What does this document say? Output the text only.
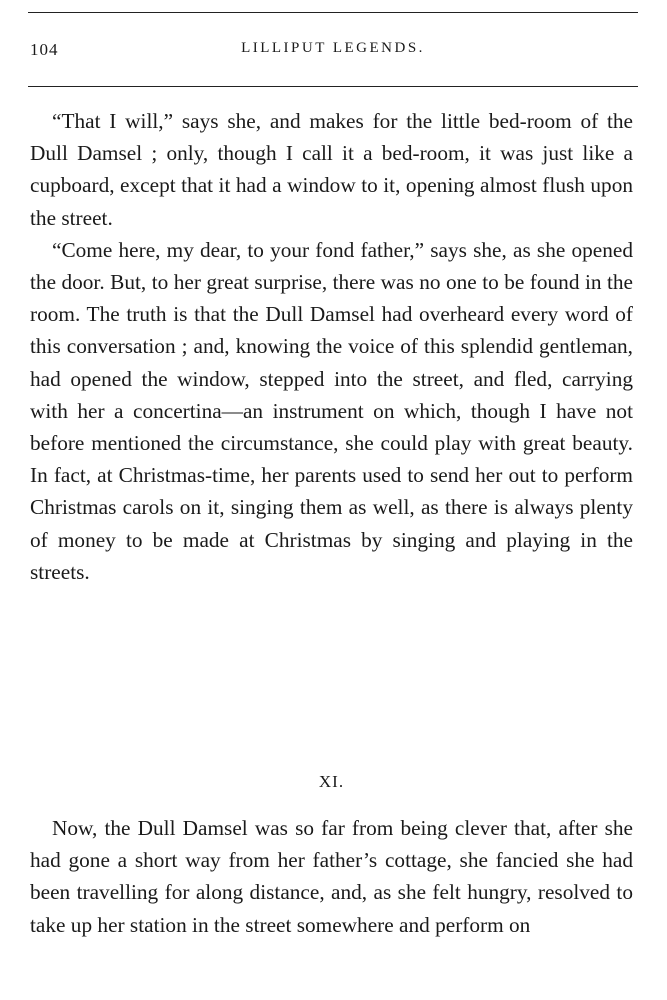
104	LILLIPUT LEGENDS.

“That I will,” says she, and makes for the little bed-room of the Dull Damsel ; only, though I call it a bed-room, it was just like a cupboard, except that it had a window to it, opening almost flush upon the street.

“Come here, my dear, to your fond father,” says she, as she opened the door. But, to her great surprise, there was no one to be found in the room. The truth is that the Dull Damsel had overheard every word of this conversation ; and, knowing the voice of this splendid gentleman, had opened the window, stepped into the street, and fled, carrying with her a concertina—an instrument on which, though I have not before mentioned the circumstance, she could play with great beauty. In fact, at Christmas-time, her parents used to send her out to perform Christmas carols on it, singing them as well, as there is always plenty of money to be made at Christmas by singing and playing in the streets.

XI.

Now, the Dull Damsel was so far from being clever that, after she had gone a short way from her father’s cottage, she fancied she had been travelling for along distance, and, as she felt hungry, resolved to take up her station in the street somewhere and perform on
